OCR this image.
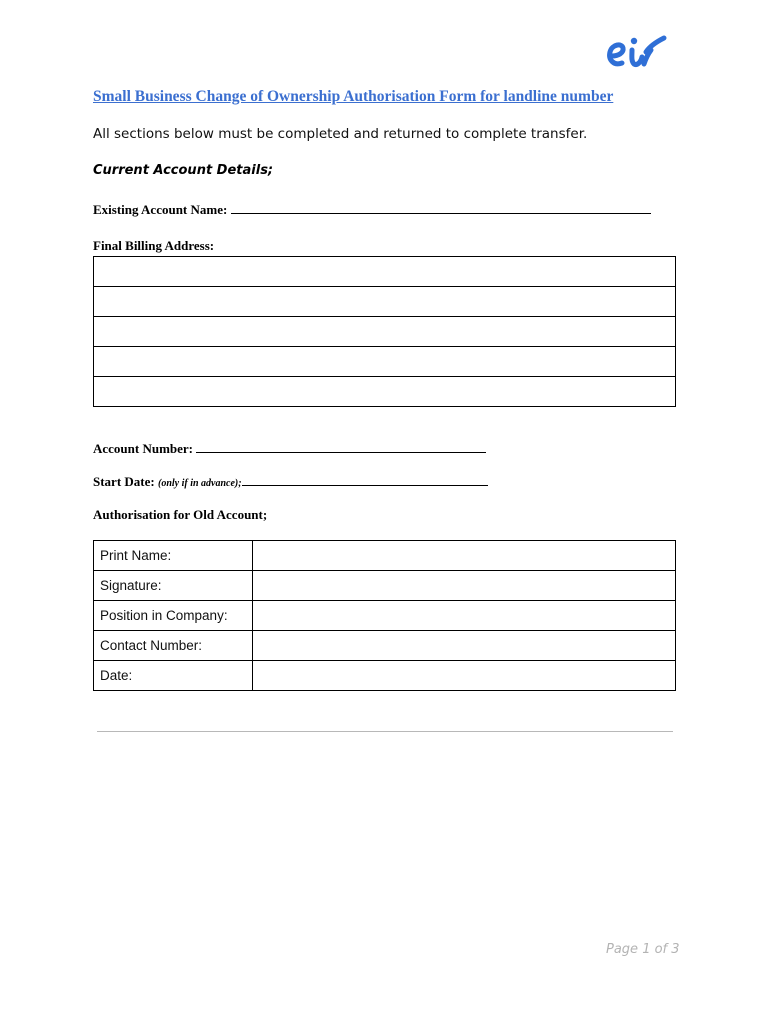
Small Business Change of Ownership Authorisation Form for landline number
All sections below must be completed and returned to complete transfer.
Current Account Details;
Existing Account Name:
Final Billing Address:

Account Number:
Start Date: (only if in advance);
Authorisation for Old Account;
Print Name:	
Signature:	
Position in Company:	
Contact Number:	
Date:	
Page 1 of 3
